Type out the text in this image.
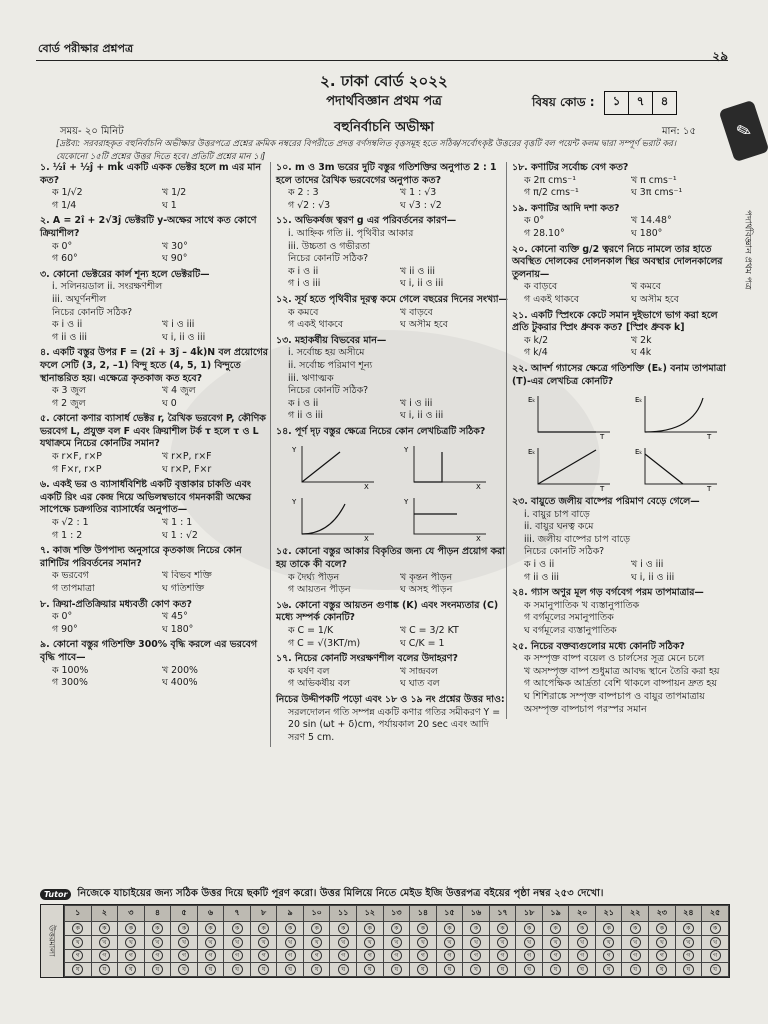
বোর্ড পরীক্ষার প্রশ্নপত্র
২৯
২. ঢাকা বোর্ড ২০২২
পদার্থবিজ্ঞান প্রথম পত্র	বিষয় কোড :	১	৭	৪
বহুনির্বাচনি অভীক্ষা
সময়- ২০ মিনিট	মান: ১৫
[দ্রষ্টব্য: সরবরাহকৃত বহুনির্বাচনি অভীক্ষার উত্তরপত্রে প্রশ্নের ক্রমিক নম্বরের বিপরীতে প্রদত্ত বর্ণসম্বলিত বৃত্তসমূহ হতে সঠিক/সর্বোৎকৃষ্ট উত্তরের বৃত্তটি বল পয়েন্ট কলম দ্বারা সম্পূর্ণ ভরাট কর। যেকোনো ১৫টি প্রশ্নের উত্তর দিতে হবে। প্রতিটি প্রশ্নের মান ১।]
✎
পদার্থবিজ্ঞান প্রথম পত্র
১. ½î + ½ĵ + mk̂ একটি একক ভেক্টর হলে m এর মান কত?
ক 1/√2	খ 1/2
গ 1/4	ঘ 1
২. A = 2î + 2√3ĵ ভেক্টরটি y-অক্ষের সাথে কত কোণে ক্রিয়াশীল?
ক 0°	খ 30°
গ 60°	ঘ 90°
৩. কোনো ভেক্টরের কার্ল শূন্য হলে ভেক্টরটি—
i. সলিনয়ডাল ii. সংরক্ষণশীল
iii. অঘূর্ণনশীল
নিচের কোনটি সঠিক?
ক i ও ii	খ i ও iii
গ ii ও iii	ঘ i, ii ও iii
৪. একটি বস্তুর উপর F = (2î + 3ĵ – 4k̂)N বল প্রয়োগের ফলে সেটি (3, 2, –1) বিন্দু হতে (4, 5, 1) বিন্দুতে স্থানান্তরিত হয়। এক্ষেত্রে কৃতকাজ কত হবে?
ক 3 জুল	খ 4 জুল
গ 2 জুল	ঘ 0
৫. কোনো কণার ব্যাসার্ধ ভেক্টর r, রৈখিক ভরবেগ P, কৌণিক ভরবেগ L, প্রযুক্ত বল F এবং ক্রিয়াশীল টর্ক τ হলে τ ও L যথাক্রমে নিচের কোনটির সমান?
ক r×F, r×P	খ r×P, r×F
গ F×r, r×P	ঘ r×P, F×r
৬. একই ভর ও ব্যাসার্ধবিশিষ্ট একটি বৃত্তাকার চাকতি এবং একটি রিং এর কেন্দ্র দিয়ে অভিলম্বভাবে গমনকারী অক্ষের সাপেক্ষে চক্রগতির ব্যাসার্ধের অনুপাত—
ক √2 : 1	খ 1 : 1
গ 1 : 2	ঘ 1 : √2
৭. কাজ শক্তি উপপাদ্য অনুসারে কৃতকাজ নিচের কোন রাশিটির পরিবর্তনের সমান?
ক ভরবেগ	খ বিভব শক্তি
গ তাপমাত্রা	ঘ গতিশক্তি
৮. ক্রিয়া-প্রতিক্রিয়ার মধ্যবর্তী কোণ কত?
ক 0°	খ 45°
গ 90°	ঘ 180°
৯. কোনো বস্তুর গতিশক্তি 300% বৃদ্ধি করলে এর ভরবেগ বৃদ্ধি পাবে—
ক 100%	খ 200%
গ 300%	ঘ 400%
১০. m ও 3m ভরের দুটি বস্তুর গতিশক্তির অনুপাত 2 : 1 হলে তাদের রৈখিক ভরবেগের অনুপাত কত?
ক 2 : 3	খ 1 : √3
গ √2 : √3	ঘ √3 : √2
১১. অভিকর্ষজ ত্বরণ g এর পরিবর্তনের কারণ—
i. আহ্নিক গতি ii. পৃথিবীর আকার
iii. উচ্চতা ও গভীরতা
নিচের কোনটি সঠিক?
ক i ও ii	খ ii ও iii
গ i ও iii	ঘ i, ii ও iii
১২. সূর্য হতে পৃথিবীর দূরত্ব কমে গেলে বছরের দিনের সংখ্যা—
ক কমবে	খ বাড়বে
গ একই থাকবে	ঘ অসীম হবে
১৩. মহাকর্ষীয় বিভবের মান—
i. সর্বোচ্চ হয় অসীমে
ii. সর্বোচ্চ পরিমাণ শূন্য
iii. ঋণাত্মক
নিচের কোনটি সঠিক?
ক i ও ii	খ i ও iii
গ ii ও iii	ঘ i, ii ও iii
১৪. পূর্ণ দৃঢ় বস্তুর ক্ষেত্রে নিচের কোন লেখচিত্রটি সঠিক?
Y
X
Y
X
Y
X
Y
X
১৫. কোনো বস্তুর আকার বিকৃতির জন্য যে পীড়ন প্রয়োগ করা হয় তাকে কী বলে?
ক দৈর্ঘ্য পীড়ন	খ কৃন্তন পীড়ন
গ আয়তন পীড়ন	ঘ অসহ পীড়ন
১৬. কোনো বস্তুর আয়তন গুণাঙ্ক (K) এবং সংনম্যতার (C) মধ্যে সম্পর্ক কোনটি?
ক C = 1/K	খ C = 3/2 KT
গ C = √(3KT/m)	ঘ C/K = 1
১৭. নিচের কোনটি সংরক্ষণশীল বলের উদাহরণ?
ক ঘর্ষণ বল	খ সান্দ্রবল
গ অভিকর্ষীয় বল	ঘ ঘাত বল
নিচের উদ্দীপকটি পড়ো এবং ১৮ ও ১৯ নং প্রশ্নের উত্তর দাও:
সরলদোলন গতি সম্পন্ন একটি কণার গতির সমীকরণ Y = 20 sin (ωt + δ)cm, পর্যায়কাল 20 sec এবং আদি সরণ 5 cm.
১৮. কণাটির সর্বোচ্চ বেগ কত?
ক 2π cms⁻¹	খ π cms⁻¹
গ π/2 cms⁻¹	ঘ 3π cms⁻¹
১৯. কণাটির আদি দশা কত?
ক 0°	খ 14.48°
গ 28.10°	ঘ 180°
২০. কোনো ব্যক্তি g/2 ত্বরণে নিচে নামলে তার হাতে অবস্থিত দোলকের দোলনকাল স্থির অবস্থার দোলনকালের তুলনায়—
ক বাড়বে	খ কমবে
গ একই থাকবে	ঘ অসীম হবে
২১. একটি স্প্রিংকে কেটে সমান দুইভাগে ভাগ করা হলে প্রতি টুকরার স্প্রিং ধ্রুবক কত? [স্প্রিং ধ্রুবক k]
ক k/2	খ 2k
গ k/4	ঘ 4k
২২. আদর্শ গ্যাসের ক্ষেত্রে গতিশক্তি (Eₖ) বনাম তাপমাত্রা (T)-এর লেখচিত্র কোনটি?
Eₖ
T
Eₖ
T
Eₖ
T
Eₖ
T
২৩. বায়ুতে জলীয় বাষ্পের পরিমাণ বেড়ে গেলে—
i. বায়ুর চাপ বাড়ে
ii. বায়ুর ঘনত্ব কমে
iii. জলীয় বাষ্পের চাপ বাড়ে
নিচের কোনটি সঠিক?
ক i ও ii	খ i ও iii
গ ii ও iii	ঘ i, ii ও iii
২৪. গ্যাস অণুর মূল গড় বর্গবেগ পরম তাপমাত্রার—
ক সমানুপাতিক খ ব্যস্তানুপাতিক
গ বর্গমূলের সমানুপাতিক
ঘ বর্গমূলের ব্যস্তানুপাতিক
২৫. নিচের বক্তব্যগুলোর মধ্যে কোনটি সঠিক?
ক সম্পৃক্ত বাষ্প বয়েল ও চার্লসের সূত্র মেনে চলে
খ অসম্পৃক্ত বাষ্প শুধুমাত্র আবদ্ধ স্থানে তৈরি করা হয়
গ আপেক্ষিক আর্দ্রতা বেশি থাকলে বাষ্পায়ন দ্রুত হয়
ঘ শিশিরাঙ্কে সম্পৃক্ত বাষ্পচাপ ও বায়ুর তাপমাত্রায় অসম্পৃক্ত বাষ্পচাপ পরস্পর সমান
Tutor	নিজেকে যাচাইয়ের জন্য সঠিক উত্তর দিয়ে ছকটি পূরণ করো। উত্তর মিলিয়ে নিতে মেইড ইজি উত্তরপত্র বইয়ের পৃষ্ঠা নম্বর ২৫৩ দেখো।
উত্তরমালা
১	২	৩	৪	৫	৬	৭	৮	৯	১০	১১	১২	১৩	১৪	১৫	১৬	১৭	১৮	১৯	২০	২১	২২	২৩	২৪	২৫
ক	ক	ক	ক	ক	ক	ক	ক	ক	ক	ক	ক	ক	ক	ক	ক	ক	ক	ক	ক	ক	ক	ক	ক	ক
খ	খ	খ	খ	খ	খ	খ	খ	খ	খ	খ	খ	খ	খ	খ	খ	খ	খ	খ	খ	খ	খ	খ	খ	খ
গ	গ	গ	গ	গ	গ	গ	গ	গ	গ	গ	গ	গ	গ	গ	গ	গ	গ	গ	গ	গ	গ	গ	গ	গ
ঘ	ঘ	ঘ	ঘ	ঘ	ঘ	ঘ	ঘ	ঘ	ঘ	ঘ	ঘ	ঘ	ঘ	ঘ	ঘ	ঘ	ঘ	ঘ	ঘ	ঘ	ঘ	ঘ	ঘ	ঘ
